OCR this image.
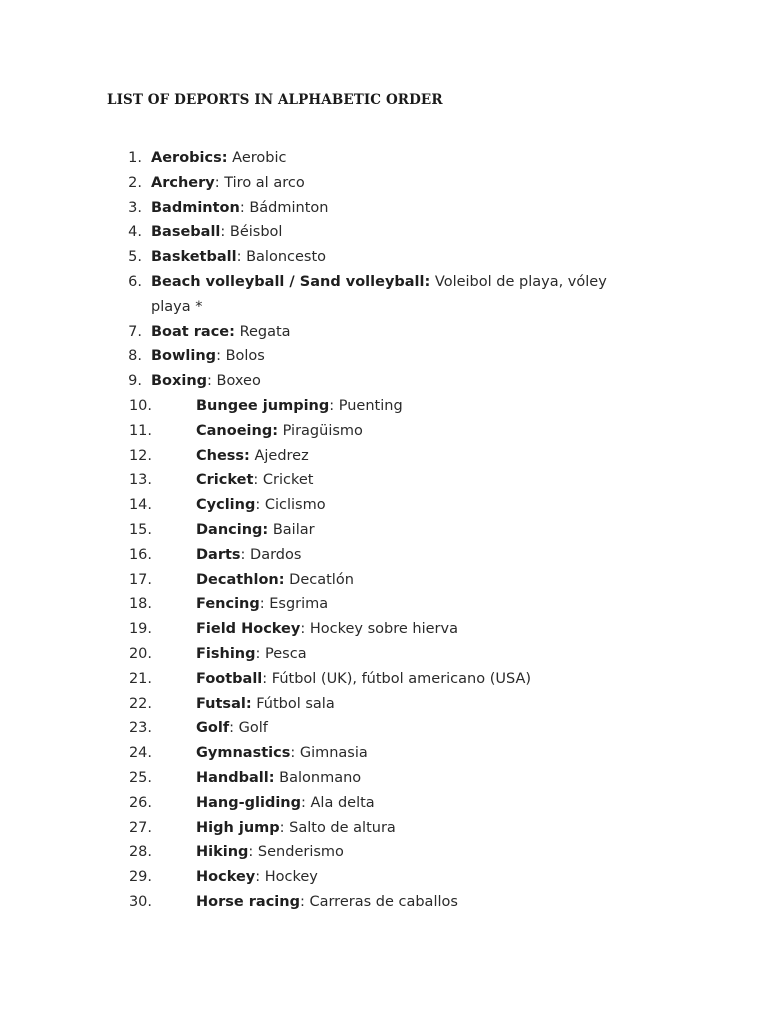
LIST OF DEPORTS IN ALPHABETIC ORDER
1. Aerobics: Aerobic
2. Archery: Tiro al arco
3. Badminton: Bádminton
4. Baseball: Béisbol
5. Basketball: Baloncesto
6. Beach volleyball / Sand volleyball: Voleibol de playa, vóley playa *
7. Boat race: Regata
8. Bowling: Bolos
9. Boxing: Boxeo
10.	Bungee jumping: Puenting
11.	Canoeing: Piragüismo
12.	Chess: Ajedrez
13.	Cricket: Cricket
14.	Cycling: Ciclismo
15.	Dancing: Bailar
16.	Darts: Dardos
17.	Decathlon: Decatlón
18.	Fencing: Esgrima
19.	Field Hockey: Hockey sobre hierva
20.	Fishing: Pesca
21.	Football: Fútbol (UK), fútbol americano (USA)
22.	Futsal: Fútbol sala
23.	Golf: Golf
24.	Gymnastics: Gimnasia
25.	Handball: Balonmano
26.	Hang-gliding: Ala delta
27.	High jump: Salto de altura
28.	Hiking: Senderismo
29.	Hockey: Hockey
30.	Horse racing: Carreras de caballos
